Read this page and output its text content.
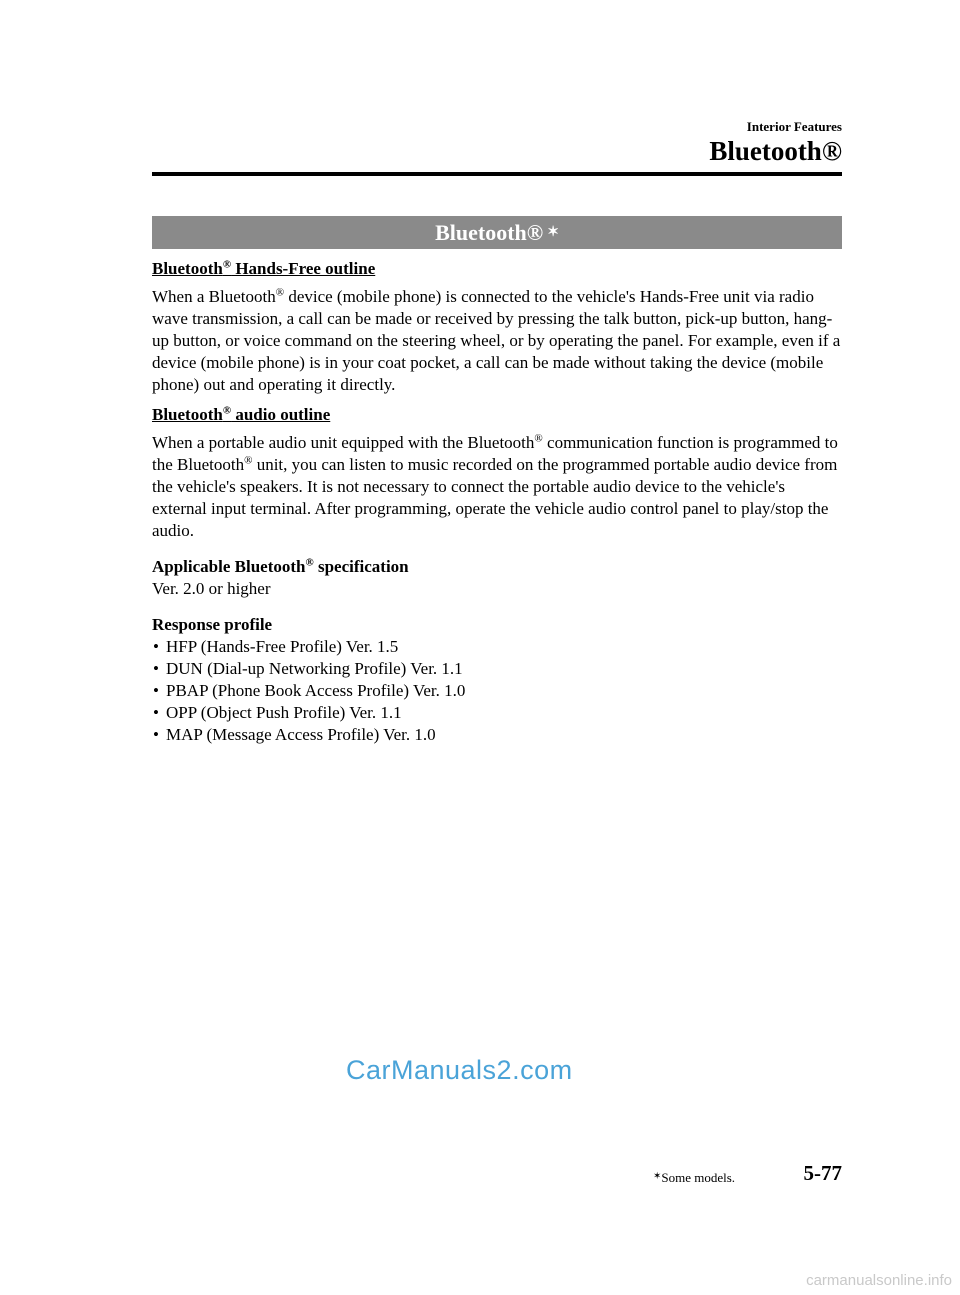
Interior Features
Bluetooth®
Bluetooth® ✶

Bluetooth® Hands-Free outline

When a Bluetooth® device (mobile phone) is connected to the vehicle's Hands-Free unit via radio wave transmission, a call can be made or received by pressing the talk button, pick-up button, hang-up button, or voice command on the steering wheel, or by operating the panel. For example, even if a device (mobile phone) is in your coat pocket, a call can be made without taking the device (mobile phone) out and operating it directly.

Bluetooth® audio outline

When a portable audio unit equipped with the Bluetooth® communication function is programmed to the Bluetooth® unit, you can listen to music recorded on the programmed portable audio device from the vehicle's speakers. It is not necessary to connect the portable audio device to the vehicle's external input terminal. After programming, operate the vehicle audio control panel to play/stop the audio.

Applicable Bluetooth® specification

Ver. 2.0 or higher

Response profile

• HFP (Hands-Free Profile) Ver. 1.5
• DUN (Dial-up Networking Profile) Ver. 1.1
• PBAP (Phone Book Access Profile) Ver. 1.0
• OPP (Object Push Profile) Ver. 1.1
• MAP (Message Access Profile) Ver. 1.0
CarManuals2.com
✶Some models.	5-77
carmanualsonline.info
